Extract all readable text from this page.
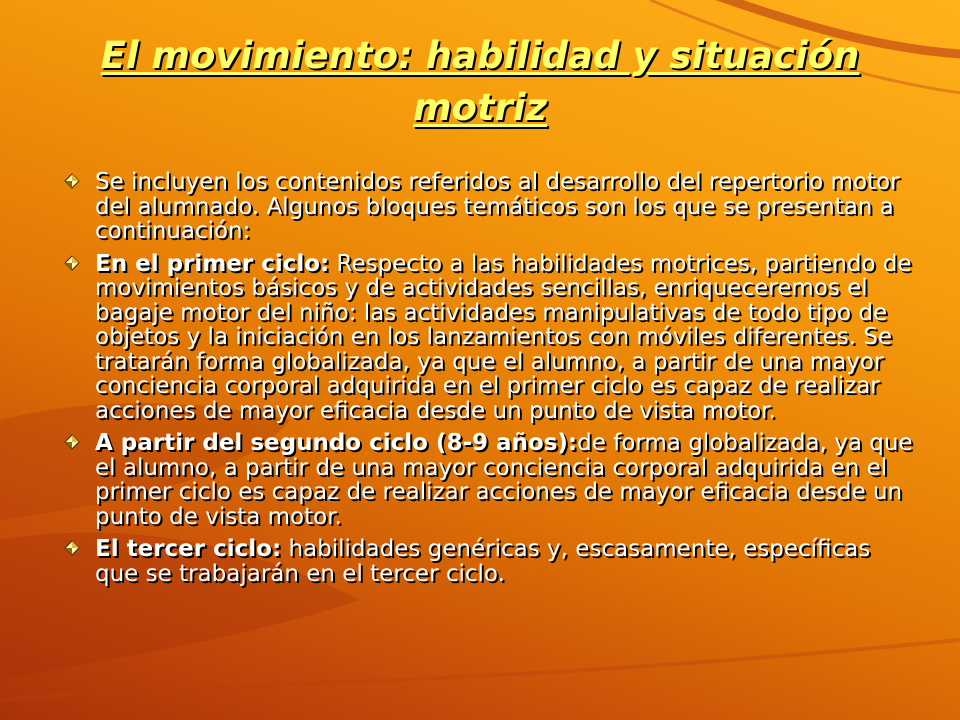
El movimiento: habilidad y situación motriz
Se incluyen los contenidos referidos al desarrollo del repertorio motor del alumnado. Algunos bloques temáticos son los que se presentan a continuación:
En el primer ciclo: Respecto a las habilidades motrices, partiendo de movimientos básicos y de actividades sencillas, enriqueceremos el bagaje motor del niño: las actividades manipulativas de todo tipo de objetos y la iniciación en los lanzamientos con móviles diferentes. Se tratarán forma globalizada, ya que el alumno, a partir de una mayor conciencia corporal adquirida en el primer ciclo es capaz de realizar acciones de mayor eficacia desde un punto de vista motor.
A partir del segundo ciclo (8-9 años):de forma globalizada, ya que el alumno, a partir de una mayor conciencia corporal adquirida en el primer ciclo es capaz de realizar acciones de mayor eficacia desde un punto de vista motor.
El tercer ciclo: habilidades genéricas y, escasamente, específicas que se trabajarán en el tercer ciclo.
